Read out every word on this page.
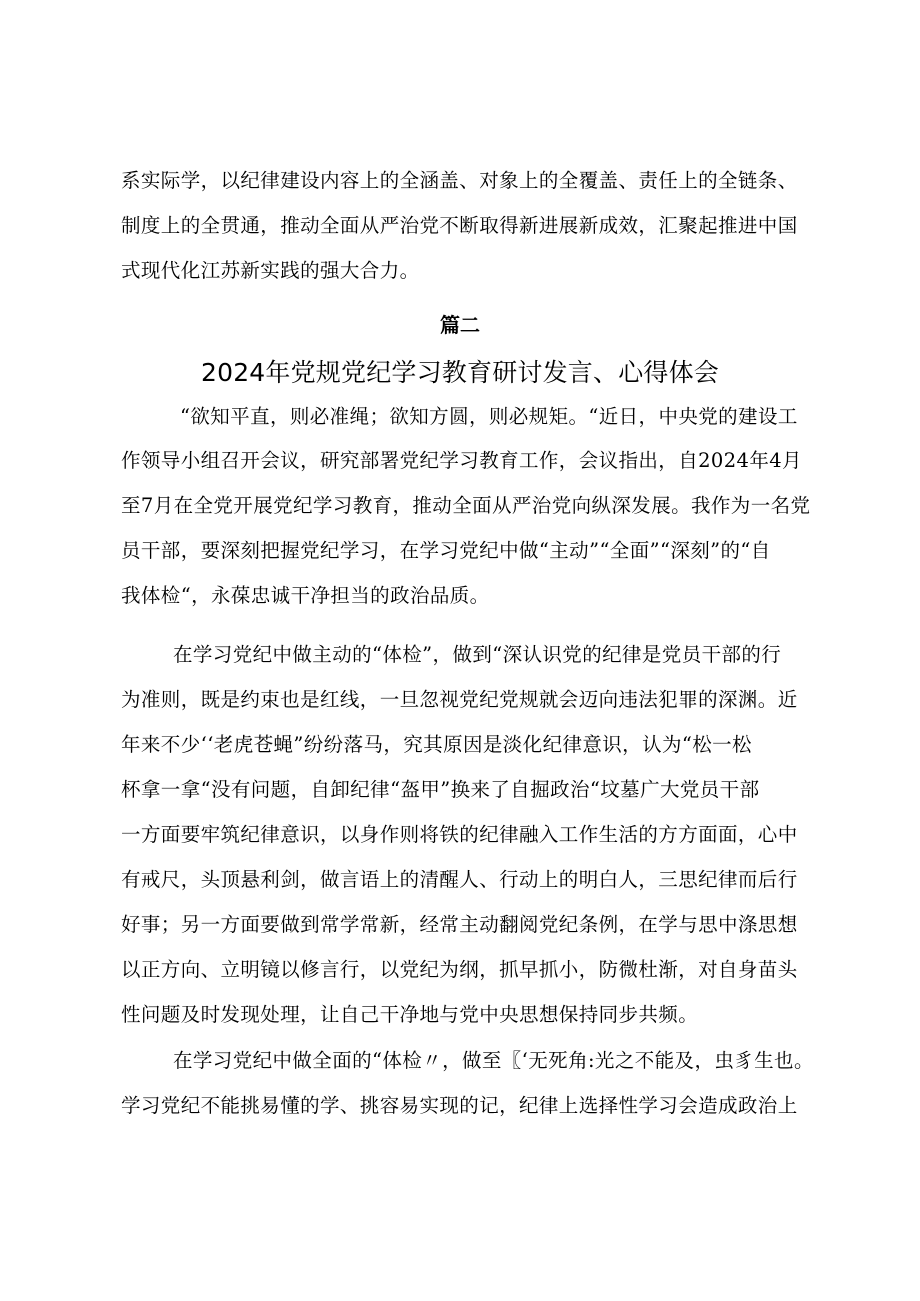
系实际学，以纪律建设内容上的全涵盖、对象上的全覆盖、责任上的全链条、
制度上的全贯通，推动全面从严治党不断取得新进展新成效，汇聚起推进中国
式现代化江苏新实践的强大合力。
篇二
2024年党规党纪学习教育研讨发言、心得体会
“欲知平直，则必准绳；欲知方圆，则必规矩。“近日，中央党的建设工
作领导小组召开会议，研究部署党纪学习教育工作，会议指出，自2024年4月
至7月在全党开展党纪学习教育，推动全面从严治党向纵深发展。我作为一名党
员干部，要深刻把握党纪学习，在学习党纪中做“主动”“全面”“深刻”的“自
我体检“，永葆忠诚干净担当的政治品质。
在学习党纪中做主动的“体检”，做到“深认识党的纪律是党员干部的行
为准则，既是约束也是红线，一旦忽视党纪党规就会迈向违法犯罪的深渊。近
年来不少‘‘老虎苍蝇”纷纷落马，究其原因是淡化纪律意识，认为“松一松
杯拿一拿“没有问题，自卸纪律“盔甲”换来了自掘政治“坟墓广大党员干部
一方面要牢筑纪律意识，以身作则将铁的纪律融入工作生活的方方面面，心中
有戒尺，头顶悬利剑，做言语上的清醒人、行动上的明白人，三思纪律而后行
好事；另一方面要做到常学常新，经常主动翻阅党纪条例，在学与思中涤思想
以正方向、立明镜以修言行，以党纪为纲，抓早抓小，防微杜渐，对自身苗头
性问题及时发现处理，让自己干净地与党中央思想保持同步共频。
在学习党纪中做全面的“体检〃，做至〖‘无死角:光之不能及，虫豸生也。
学习党纪不能挑易懂的学、挑容易实现的记，纪律上选择性学习会造成政治上
